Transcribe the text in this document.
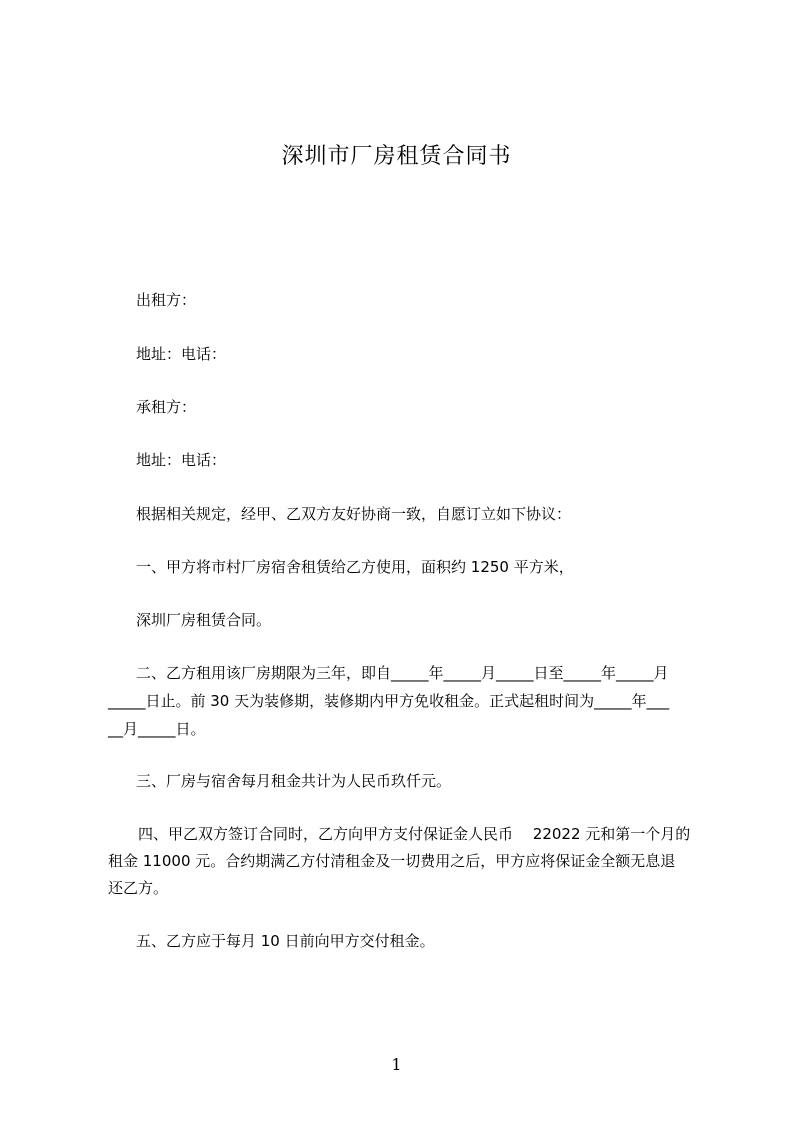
深圳市厂房租赁合同书
出租方：
地址：电话：
承租方：
地址：电话：
根据相关规定，经甲、乙双方友好协商一致，自愿订立如下协议：
一、甲方将市村厂房宿舍租赁给乙方使用，面积约 1250 平方米，
深圳厂房租赁合同。
二、乙方租用该厂房期限为三年，即自_____年_____月_____日至_____年_____月
_____日止。前 30 天为装修期，装修期内甲方免收租金。正式起租时间为_____年___
__月_____日。
三、厂房与宿舍每月租金共计为人民币玖仟元。
四、甲乙双方签订合同时，乙方向甲方支付保证金人民币　 22022 元和第一个月的
租金 11000 元。合约期满乙方付清租金及一切费用之后，甲方应将保证金全额无息退
还乙方。
五、乙方应于每月 10 日前向甲方交付租金。
1
